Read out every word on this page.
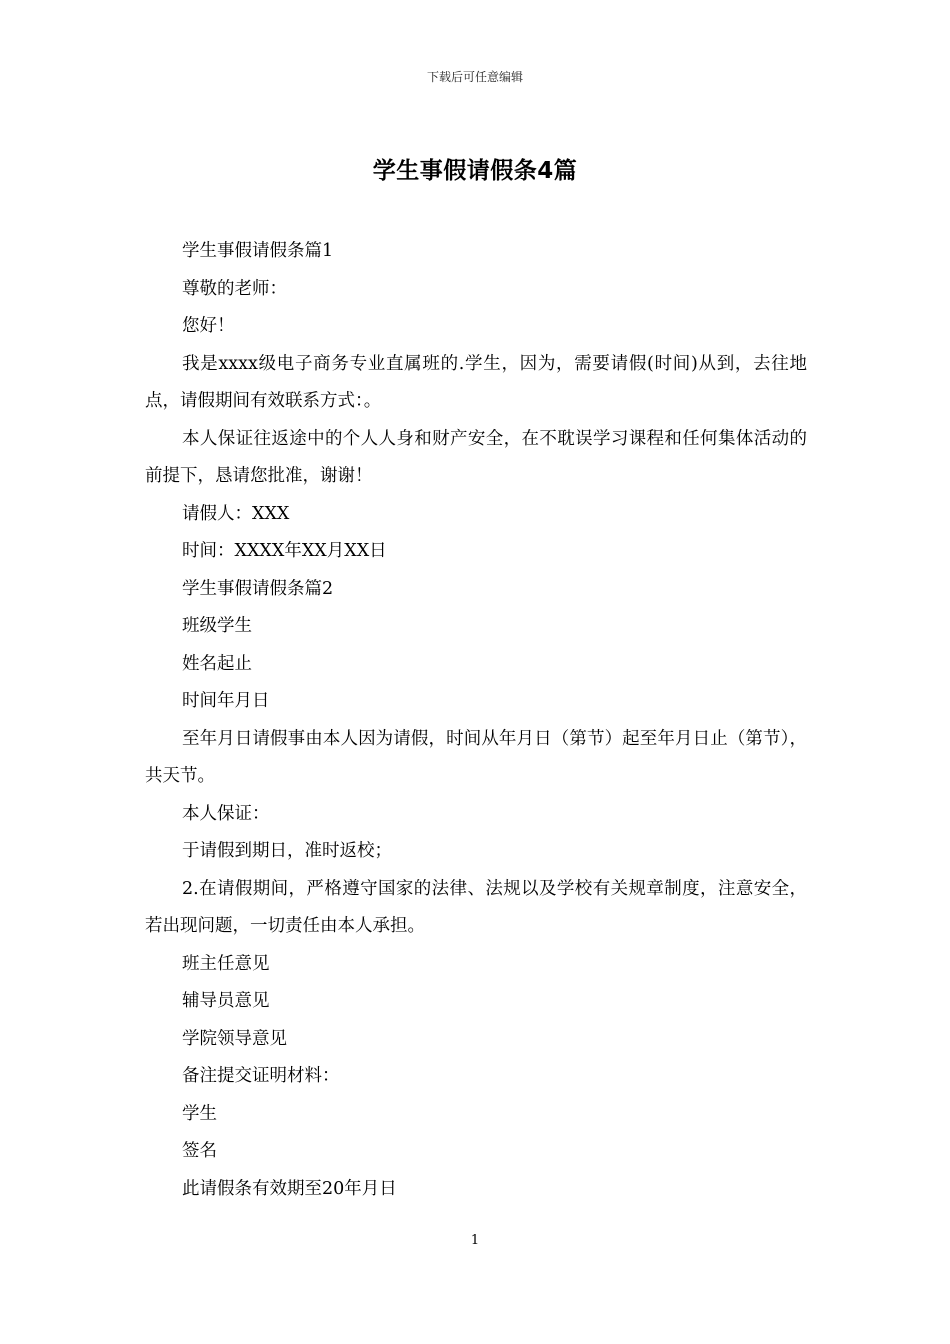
下载后可任意编辑
学生事假请假条4篇

学生事假请假条篇1

尊敬的老师：

您好！

我是xxxx级电子商务专业直属班的.学生，因为，需要请假(时间)从到，去往地点，请假期间有效联系方式：。

本人保证往返途中的个人人身和财产安全，在不耽误学习课程和任何集体活动的前提下，恳请您批准，谢谢！

请假人：XXX

时间：XXXX年XX月XX日

学生事假请假条篇2

班级学生

姓名起止

时间年月日

至年月日请假事由本人因为请假，时间从年月日（第节）起至年月日止（第节），共天节。

本人保证：

于请假到期日，准时返校；

2.在请假期间，严格遵守国家的法律、法规以及学校有关规章制度，注意安全，若出现问题，一切责任由本人承担。

班主任意见

辅导员意见

学院领导意见

备注提交证明材料：

学生

签名

此请假条有效期至20年月日

1
